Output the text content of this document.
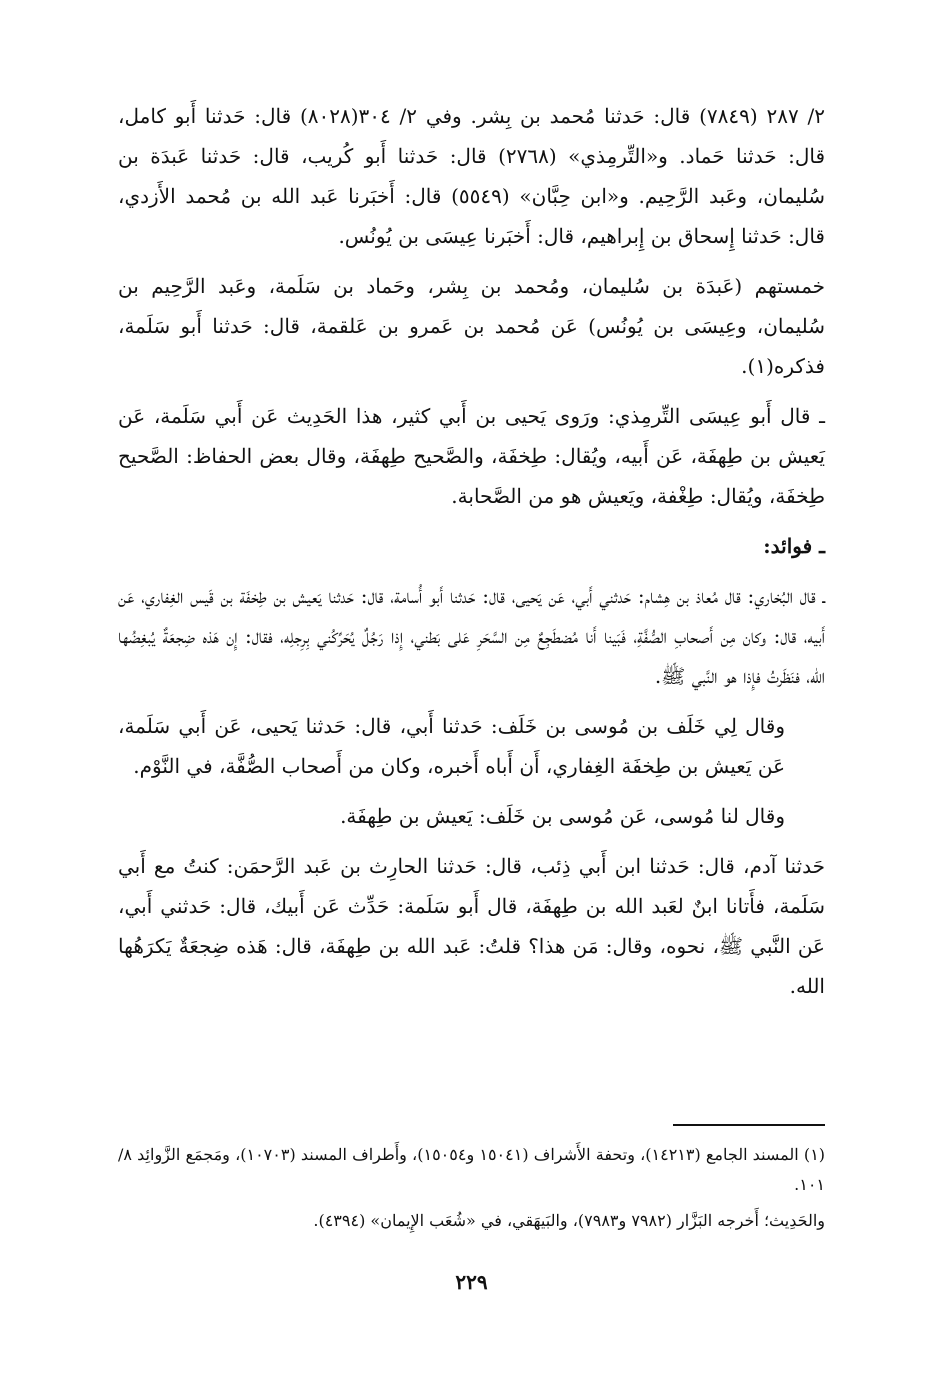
٢/ ٢٨٧ (٧٨٤٩) قال: حَدثنا مُحمد بن بِشر. وفي ٢/ ٣٠٤(٨٠٢٨) قال: حَدثنا أَبو كامل، قال: حَدثنا حَماد. و«التِّرمِذي» (٢٧٦٨) قال: حَدثنا أَبو كُريب، قال: حَدثنا عَبدَة بن سُليمان، وعَبد الرَّحِيم. و«ابن حِبَّان» (٥٥٤٩) قال: أَخبَرنا عَبد الله بن مُحمد الأَزدي، قال: حَدثنا إِسحاق بن إِبراهيم، قال: أَخبَرنا عِيسَى بن يُونُس.

خمستهم (عَبدَة بن سُليمان، ومُحمد بن بِشر، وحَماد بن سَلَمة، وعَبد الرَّحِيم بن سُليمان، وعِيسَى بن يُونُس) عَن مُحمد بن عَمرو بن عَلقمة، قال: حَدثنا أَبو سَلَمة، فذكره(١).

ـ قال أَبو عِيسَى التِّرمِذي: ورَوى يَحيى بن أَبي كثير، هذا الحَدِيث عَن أَبي سَلَمة، عَن يَعيش بن طِهفَة، عَن أَبيه، ويُقال: طِخفَة، والصَّحيح طِهفَة، وقال بعض الحفاظ: الصَّحيح طِخفَة، ويُقال: طِغْفة، ويَعيش هو من الصَّحابة.

ـ فوائد:

ـ قال البُخاري: قال مُعاذ بن هِشام: حَدثني أَبي، عَن يَحيى، قال: حَدثنا أَبو أُسامة، قال: حَدثنا يَعيش بن طِخفَة بن قَيس الغِفاري، عَن أَبيه، قال: وكان مِن أَصحابِ الصُّفَّةِ، فَبَينا أَنا مُضطَجِعٌ مِن السَّحَرِ عَلى بَطني، إِذا رَجُلٌ يُحَرِّكُني بِرِجلِه، فقال: إِن هَذه ضِجعَةٌ يُبغِضُها الله، فنَظَرتُ فإِذا هو النَّبي ﷺ.

وقال لِي خَلَف بن مُوسى بن خَلَف: حَدثنا أَبي، قال: حَدثنا يَحيى، عَن أَبي سَلَمة، عَن يَعيش بن طِخفَة الغِفاري، أَن أَباه أَخبره، وكان من أَصحاب الصُّفَّة، في النَّوْم.

وقال لنا مُوسى، عَن مُوسى بن خَلَف: يَعيش بن طِهفَة.

حَدثنا آدم، قال: حَدثنا ابن أَبي ذِئب، قال: حَدثنا الحارِث بن عَبد الرَّحمَن: كنتُ مع أَبي سَلَمة، فأَتانا ابنٌ لعَبد الله بن طِهفَة، قال أَبو سَلَمة: حَدِّث عَن أَبيك، قال: حَدثني أَبي، عَن النَّبي ﷺ، نحوه، وقال: مَن هذا؟ قلتُ: عَبد الله بن طِهفَة، قال: هَذه ضِجعَةٌ يَكرَهُها الله.

(١) المسند الجامع (١٤٢١٣)، وتحفة الأَشراف (١٥٠٤١ و١٥٠٥٤)، وأَطراف المسند (١٠٧٠٣)، ومَجمَع الزَّوائِد ٨/ ١٠١.

والحَدِيث؛ أَخرجه البَزَّار (٧٩٨٢ و٧٩٨٣)، والبَيهَقي، في «شُعَب الإِيمان» (٤٣٩٤).

٢٢٩
